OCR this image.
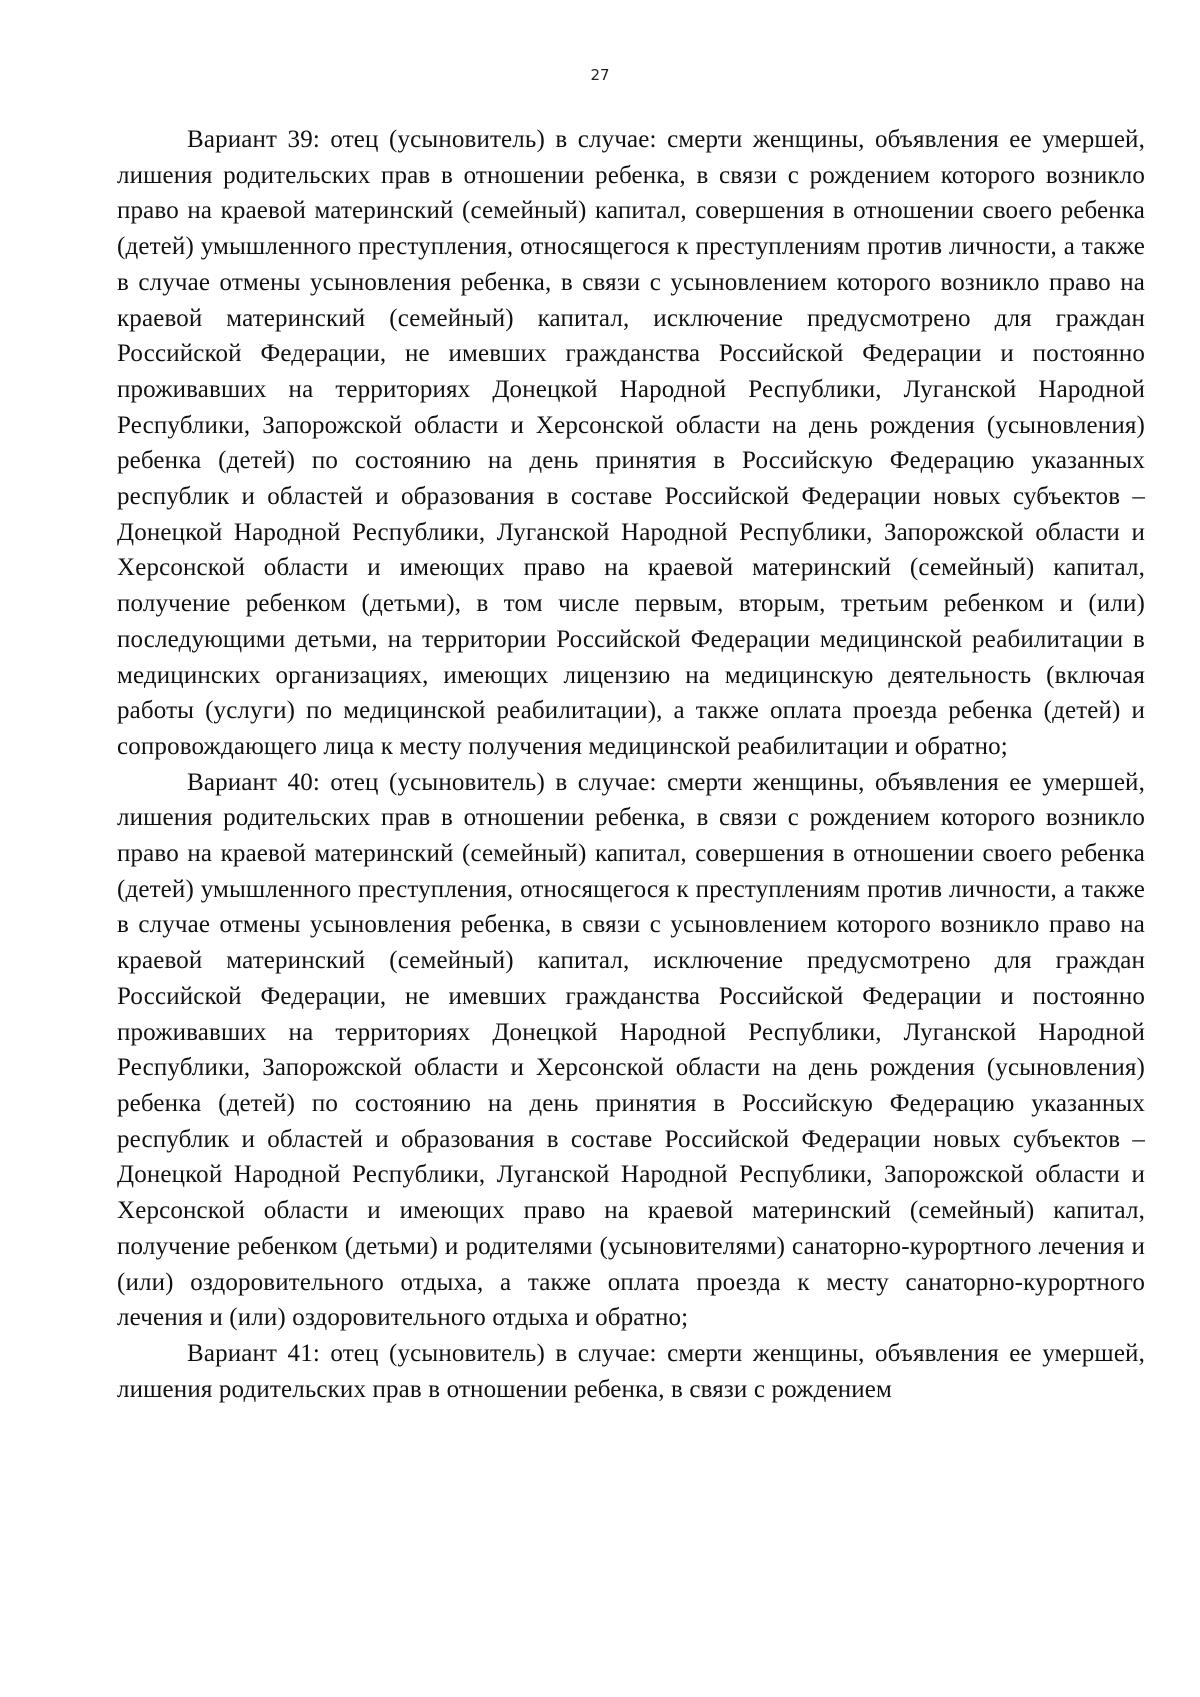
27

Вариант 39: отец (усыновитель) в случае: смерти женщины, объявления ее умершей, лишения родительских прав в отношении ребенка, в связи с рождением которого возникло право на краевой материнский (семейный) капитал, совершения в отношении своего ребенка (детей) умышленного преступления, относящегося к преступлениям против личности, а также в случае отмены усыновления ребенка, в связи с усыновлением которого возникло право на краевой материнский (семейный) капитал, исключение предусмотрено для граждан Российской Федерации, не имевших гражданства Российской Федерации и постоянно проживавших на территориях Донецкой Народной Республики, Луганской Народной Республики, Запорожской области и Херсонской области на день рождения (усыновления) ребенка (детей) по состоянию на день принятия в Российскую Федерацию указанных республик и областей и образования в составе Российской Федерации новых субъектов – Донецкой Народной Республики, Луганской Народной Республики, Запорожской области и Херсонской области и имеющих право на краевой материнский (семейный) капитал, получение ребенком (детьми), в том числе первым, вторым, третьим ребенком и (или) последующими детьми, на территории Российской Федерации медицинской реабилитации в медицинских организациях, имеющих лицензию на медицинскую деятельность (включая работы (услуги) по медицинской реабилитации), а также оплата проезда ребенка (детей) и сопровождающего лица к месту получения медицинской реабилитации и обратно;

Вариант 40: отец (усыновитель) в случае: смерти женщины, объявления ее умершей, лишения родительских прав в отношении ребенка, в связи с рождением которого возникло право на краевой материнский (семейный) капитал, совершения в отношении своего ребенка (детей) умышленного преступления, относящегося к преступлениям против личности, а также в случае отмены усыновления ребенка, в связи с усыновлением которого возникло право на краевой материнский (семейный) капитал, исключение предусмотрено для граждан Российской Федерации, не имевших гражданства Российской Федерации и постоянно проживавших на территориях Донецкой Народной Республики, Луганской Народной Республики, Запорожской области и Херсонской области на день рождения (усыновления) ребенка (детей) по состоянию на день принятия в Российскую Федерацию указанных республик и областей и образования в составе Российской Федерации новых субъектов – Донецкой Народной Республики, Луганской Народной Республики, Запорожской области и Херсонской области и имеющих право на краевой материнский (семейный) капитал, получение ребенком (детьми) и родителями (усыновителями) санаторно-курортного лечения и (или) оздоровительного отдыха, а также оплата проезда к месту санаторно-курортного лечения и (или) оздоровительного отдыха и обратно;

Вариант 41: отец (усыновитель) в случае: смерти женщины, объявления ее умершей, лишения родительских прав в отношении ребенка, в связи с рождением
